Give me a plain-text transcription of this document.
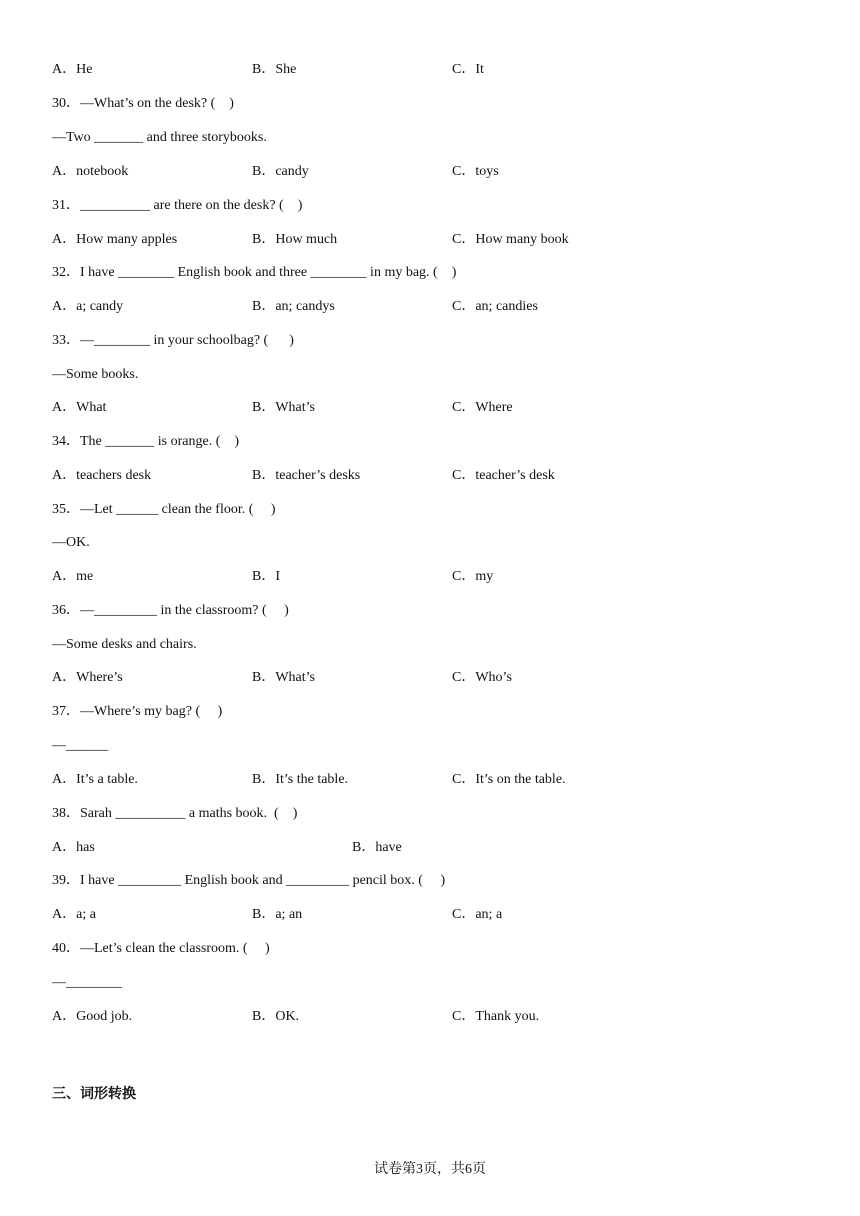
A．He	B．She	C．It
30．—What’s on the desk? (    )
—Two _______ and three storybooks.
A．notebook	B．candy	C．toys
31．__________ are there on the desk? (    )
A．How many apples	B．How much	C．How many book
32．I have ________ English book and three ________ in my bag. (    )
A．a; candy	B．an; candys	C．an; candies
33．—________ in your schoolbag? (      )
—Some books.
A．What	B．What’s	C．Where
34．The _______ is orange. (    )
A．teachers desk	B．teacher’s desks	C．teacher’s desk
35．—Let ______ clean the floor. (     )
—OK.
A．me	B．I	C．my
36．—_________ in the classroom? (     )
—Some desks and chairs.
A．Where’s	B．What’s	C．Who’s
37．—Where’s my bag? (     )
—______
A．It’s a table.	B．It’s the table.	C．It’s on the table.
38．Sarah __________ a maths book.  (    )
A．has	B．have
39．I have _________ English book and _________ pencil box. (     )
A．a; a	B．a; an	C．an; a
40．—Let’s clean the classroom. (     )
—________
A．Good job.	B．OK.	C．Thank you.
三、词形转换
试卷第3页，共6页
